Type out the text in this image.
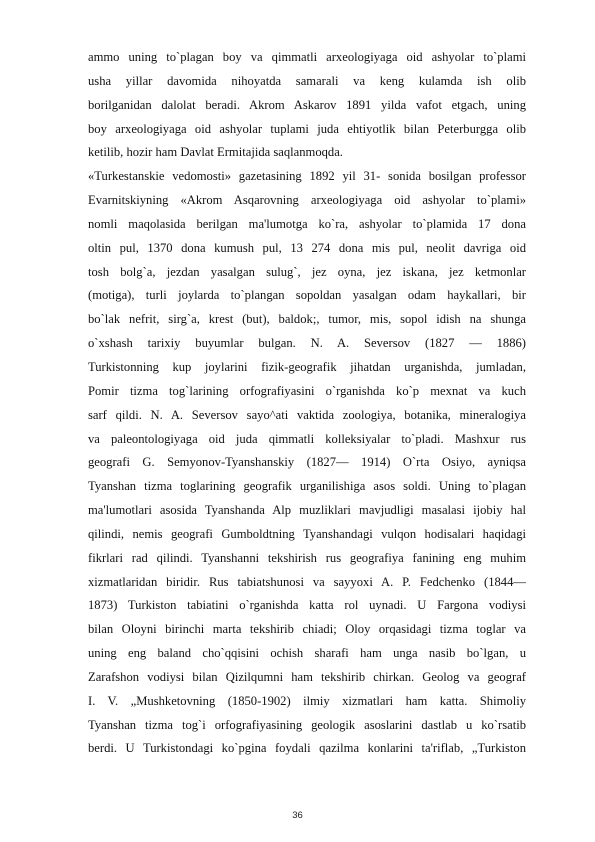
ammo uning to`plagan boy va qimmatli arxeologiyaga oid ashyolar to`plami
usha yillar davomida nihoyatda samarali va keng kulamda ish olib
borilganidan dalolat beradi. Akrom Askarov 1891 yilda vafot etgach, uning
boy arxeologiyaga oid ashyolar tuplami juda ehtiyotlik bilan Peterburgga olib
ketilib, hozir ham Davlat Ermitajida saqlanmoqda.
«Turkestanskie vedomosti» gazetasining 1892 yil 31- sonida bosilgan professor
Evarnitskiyning «Akrom Asqarovning arxeologiyaga oid ashyolar to`plami»
nomli maqolasida berilgan ma'lumotga ko`ra, ashyolar to`plamida 17 dona
oltin pul, 1370 dona kumush pul, 13 274 dona mis pul, neolit davriga oid
tosh bolg`a, jezdan yasalgan sulug`, jez oyna, jez iskana, jez ketmonlar
(motiga), turli joylarda to`plangan sopoldan yasalgan odam haykallari, bir
bo`lak nefrit, sirg`a, krest (but), baldok;, tumor, mis, sopol idish na shunga
o`xshash tarixiy buyumlar bulgan. N. A. Seversov (1827 — 1886)
Turkistonning kup joylarini fizik-geografik jihatdan urganishda, jumladan,
Pomir tizma tog`larining orfografiyasini o`rganishda ko`p mexnat va kuch
sarf qildi. N. A. Seversov sayo^ati vaktida zoologiya, botanika, mineralogiya
va paleontologiyaga oid juda qimmatli kolleksiyalar to`pladi. Mashxur rus
geografi G. Semyonov-Tyanshanskiy (1827— 1914) O`rta Osiyo, ayniqsa
Tyanshan tizma toglarining geografik urganilishiga asos soldi. Uning to`plagan
ma'lumotlari asosida Tyanshanda Alp muzliklari mavjudligi masalasi ijobiy hal
qilindi, nemis geografi Gumboldtning Tyanshandagi vulqon hodisalari haqidagi
fikrlari rad qilindi. Tyanshanni tekshirish rus geografiya fanining eng muhim
xizmatlaridan biridir. Rus tabiatshunosi va sayyoxi A. P. Fedchenko (1844—
1873) Turkiston tabiatini o`rganishda katta rol uynadi. U Fargona vodiysi
bilan Oloyni birinchi marta tekshirib chiadi; Oloy orqasidagi tizma toglar va
uning eng baland cho`qqisini ochish sharafi ham unga nasib bo`lgan, u
Zarafshon vodiysi bilan Qizilqumni ham tekshirib chirkan. Geolog va geograf
I. V. „Mushketovning (1850-1902) ilmiy xizmatlari ham katta. Shimoliy
Tyanshan tizma tog`i orfografiyasining geologik asoslarini dastlab u ko`rsatib
berdi. U Turkistondagi ko`pgina foydali qazilma konlarini ta'riflab, „Turkiston
36
